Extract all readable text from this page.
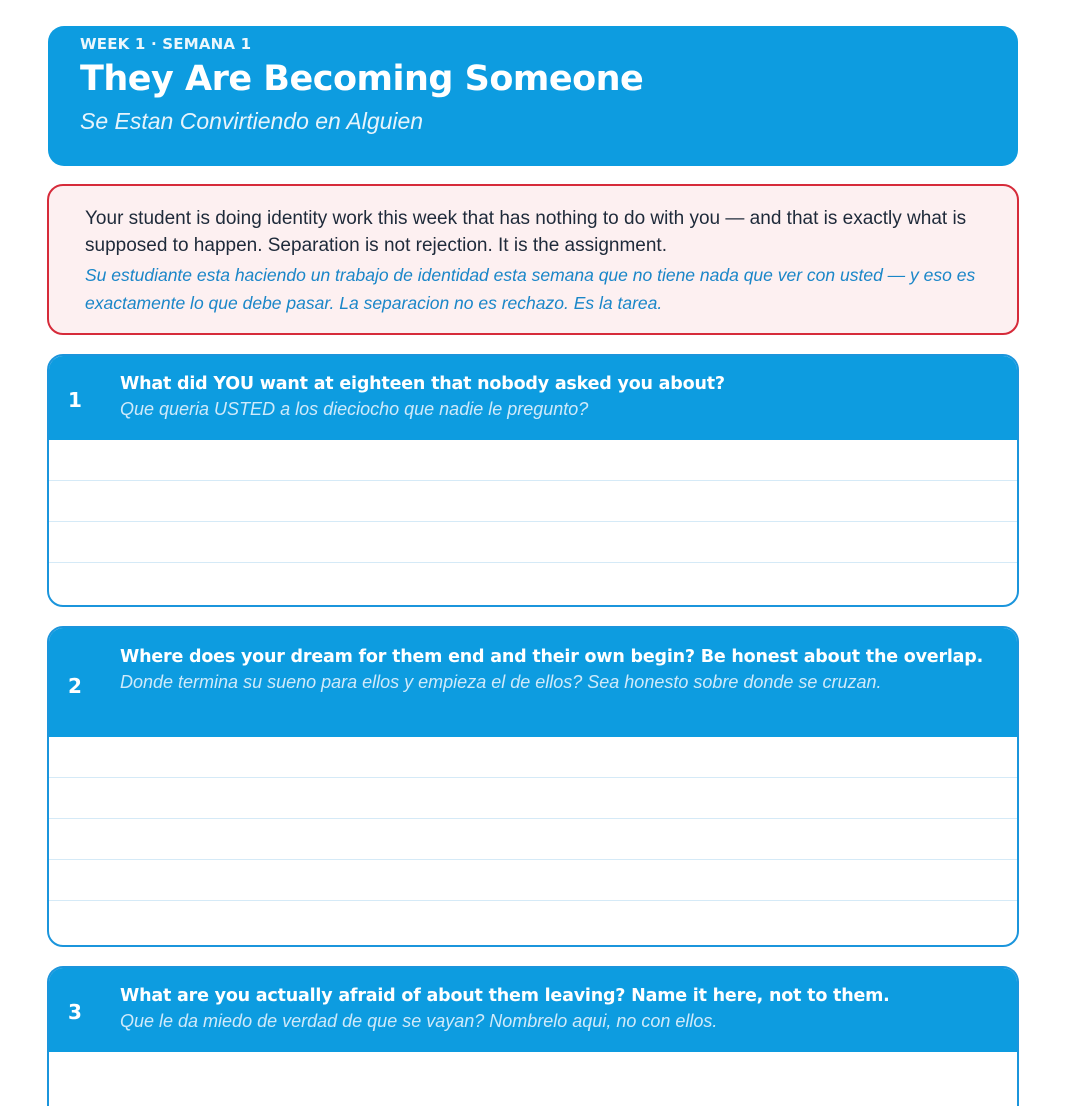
WEEK 1 · SEMANA 1
They Are Becoming Someone
Se Estan Convirtiendo en Alguien
Your student is doing identity work this week that has nothing to do with you — and that is exactly what is supposed to happen. Separation is not rejection. It is the assignment.
Su estudiante esta haciendo un trabajo de identidad esta semana que no tiene nada que ver con usted — y eso es exactamente lo que debe pasar. La separacion no es rechazo. Es la tarea.
1
What did YOU want at eighteen that nobody asked you about?
Que queria USTED a los dieciocho que nadie le pregunto?
2
Where does your dream for them end and their own begin? Be honest about the overlap.
Donde termina su sueno para ellos y empieza el de ellos? Sea honesto sobre donde se cruzan.
3
What are you actually afraid of about them leaving? Name it here, not to them.
Que le da miedo de verdad de que se vayan? Nombrelo aqui, no con ellos.
